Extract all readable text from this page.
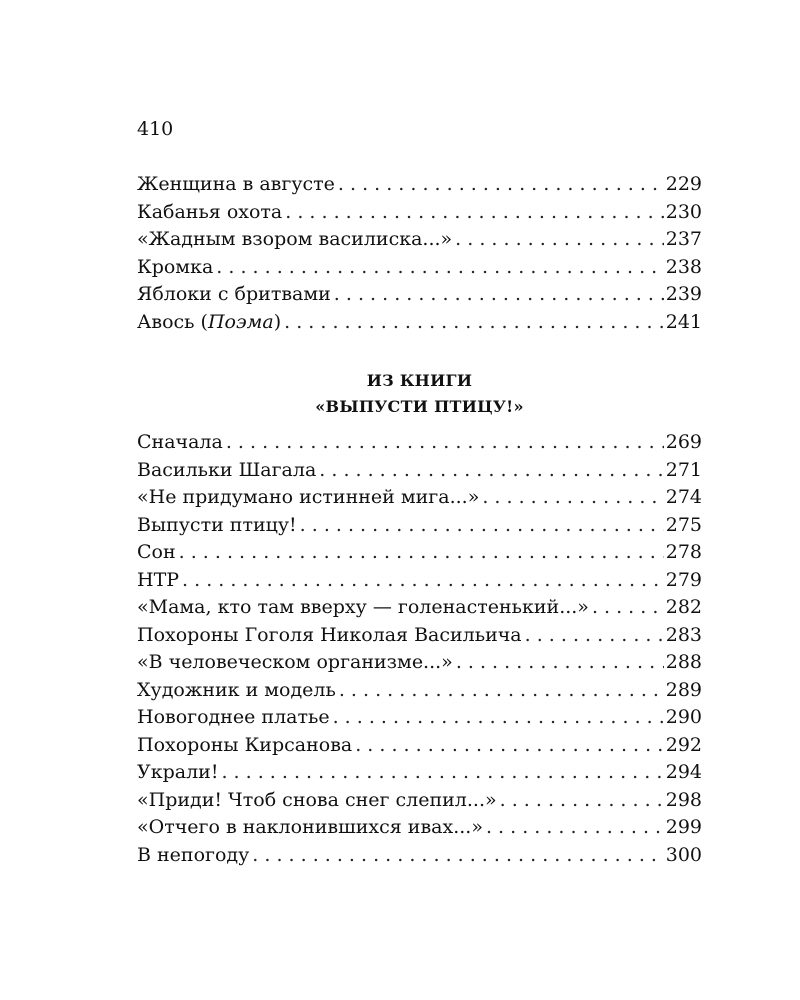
410
Женщина в августе . . .	229
Кабанья охота . . .	230
«Жадным взором василиска...» . . .	237
Кромка . . .	238
Яблоки с бритвами . . .	239
Авось (Поэма) . . .	241
ИЗ КНИГИ
«ВЫПУСТИ ПТИЦУ!»
Сначала . . .	269
Васильки Шагала . . .	271
«Не придумано истинней мига...» . . .	274
Выпусти птицу! . . .	275
Сон . . .	278
НТР . . .	279
«Мама, кто там вверху — голенастенький...» . . .	282
Похороны Гоголя Николая Васильича . . .	283
«В человеческом организме...» . . .	288
Художник и модель . . .	289
Новогоднее платье . . .	290
Похороны Кирсанова . . .	292
Украли! . . .	294
«Приди! Чтоб снова снег слепил...» . . .	298
«Отчего в наклонившихся ивах...» . . .	299
В непогоду . . .	300
